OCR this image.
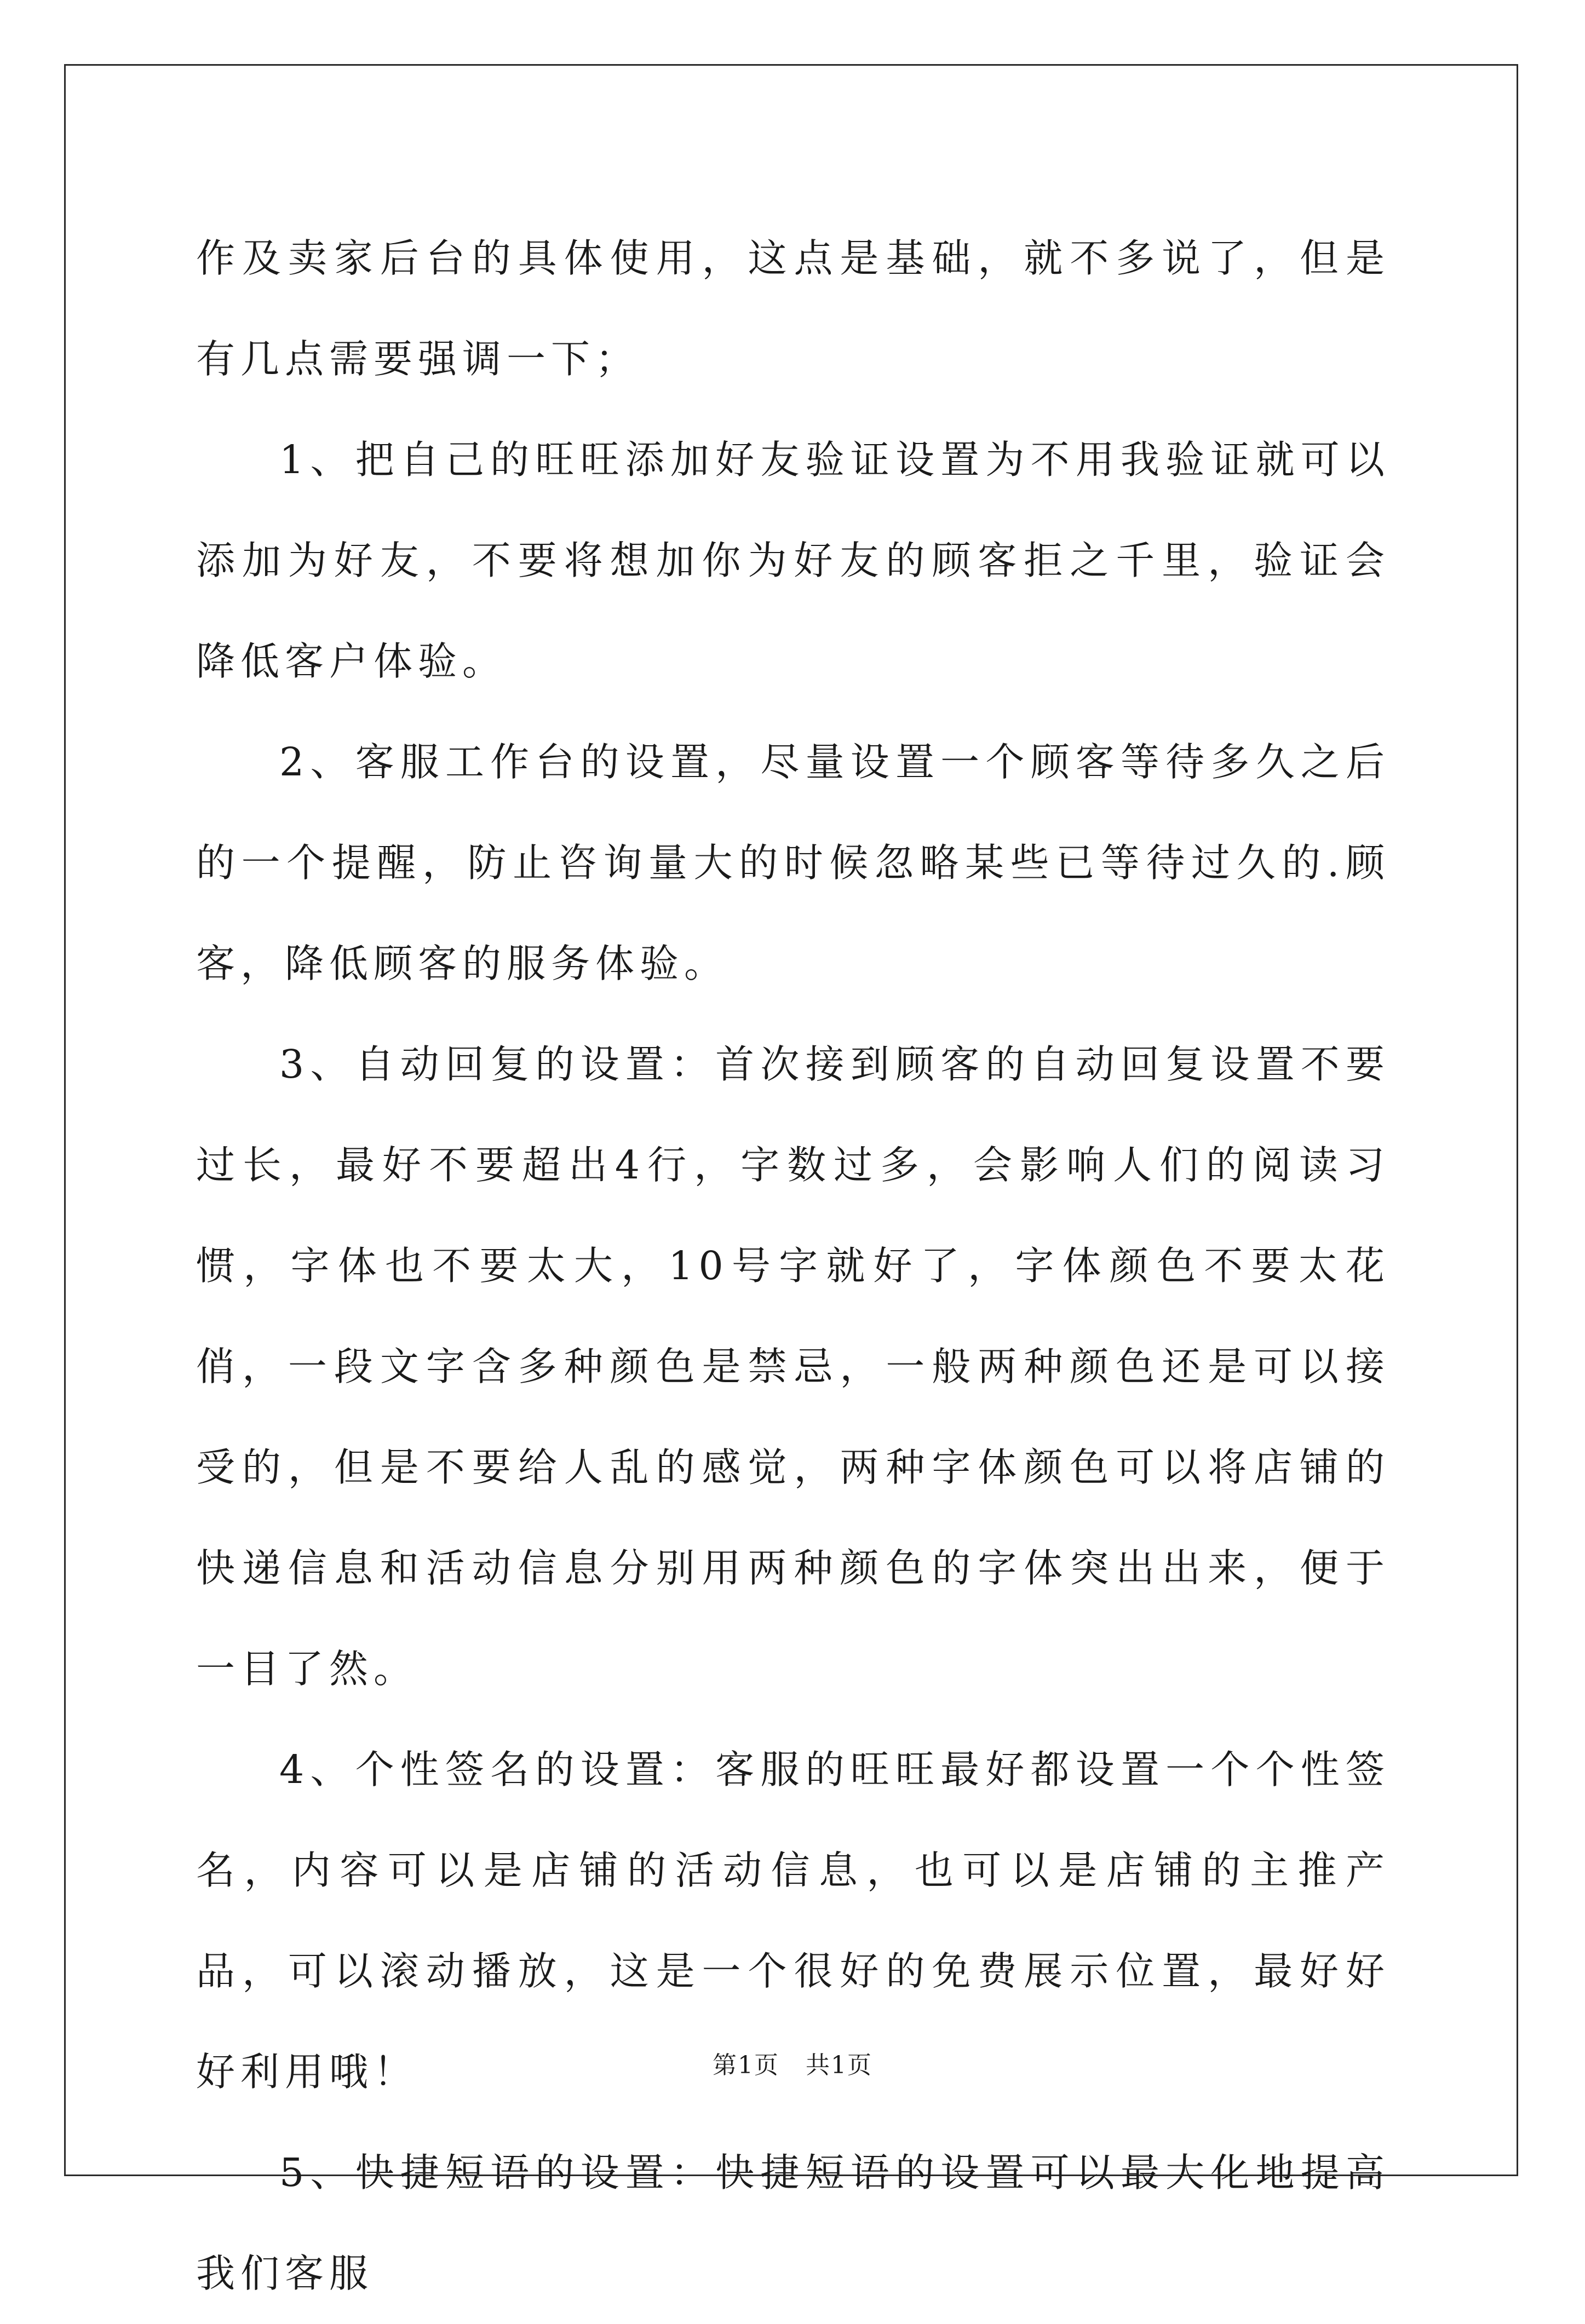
作及卖家后台的具体使用，这点是基础，就不多说了，但是有几点需要强调一下；

1、把自己的旺旺添加好友验证设置为不用我验证就可以添加为好友，不要将想加你为好友的顾客拒之千里，验证会降低客户体验。

2、客服工作台的设置，尽量设置一个顾客等待多久之后的一个提醒，防止咨询量大的时候忽略某些已等待过久的.顾客，降低顾客的服务体验。

3、自动回复的设置：首次接到顾客的自动回复设置不要过长，最好不要超出4行，字数过多，会影响人们的阅读习惯，字体也不要太大，10号字就好了，字体颜色不要太花俏，一段文字含多种颜色是禁忌，一般两种颜色还是可以接受的，但是不要给人乱的感觉，两种字体颜色可以将店铺的快递信息和活动信息分别用两种颜色的字体突出出来，便于一目了然。

4、个性签名的设置：客服的旺旺最好都设置一个个性签名，内容可以是店铺的活动信息，也可以是店铺的主推产品，可以滚动播放，这是一个很好的免费展示位置，最好好好利用哦！

5、快捷短语的设置：快捷短语的设置可以最大化地提高我们客服

第1页 共1页
